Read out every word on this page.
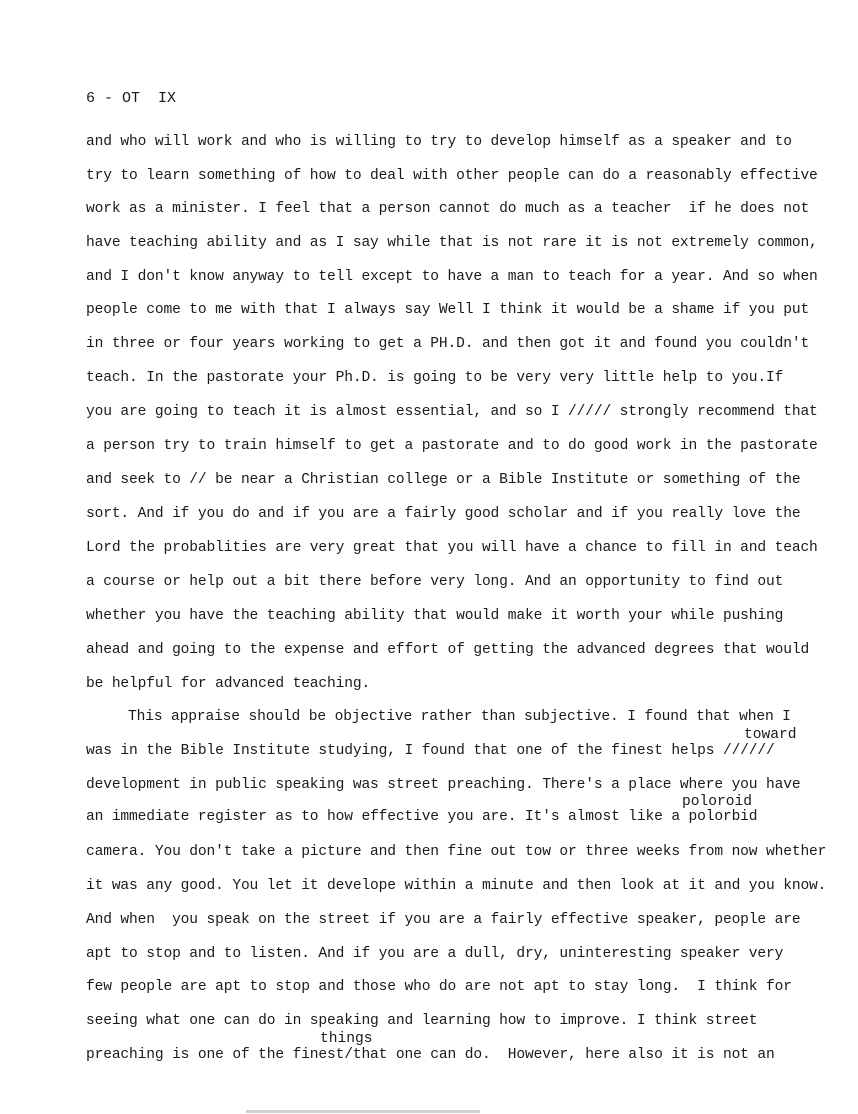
6 - OT  IX
and who will work and who is willing to try to develop himself as a speaker and to
try to learn something of how to deal with other people can do a reasonably effective
work as a minister. I feel that a person cannot do much as a teacher  if he does not
have teaching ability and as I say while that is not rare it is not extremely common,
and I don't know anyway to tell except to have a man to teach for a year. And so when
people come to me with that I always say Well I think it would be a shame if you put
in three or four years working to get a PH.D. and then got it and found you couldn't
teach. In the pastorate your Ph.D. is going to be very very little help to you.If
you are going to teach it is almost essential, and so I ///// strongly recommend that
a person try to train himself to get a pastorate and to do good work in the pastorate
and seek to // be near a Christian college or a Bible Institute or something of the
sort. And if you do and if you are a fairly good scholar and if you really love the
Lord the probablities are very great that you will have a chance to fill in and teach
a course or help out a bit there before very long. And an opportunity to find out
whether you have the teaching ability that would make it worth your while pushing
ahead and going to the expense and effort of getting the advanced degrees that would
be helpful for advanced teaching.
This appraise should be objective rather than subjective. I found that when I
toward
was in the Bible Institute studying, I found that one of the finest helps //////
development in public speaking was street preaching. There's a place where you have
poloroid
an immediate register as to how effective you are. It's almost like a polorbid
camera. You don't take a picture and then fine out tow or three weeks from now whether
it was any good. You let it develope within a minute and then look at it and you know.
And when  you speak on the street if you are a fairly effective speaker, people are
apt to stop and to listen. And if you are a dull, dry, uninteresting speaker very
few people are apt to stop and those who do are not apt to stay long.  I think for
seeing what one can do in speaking and learning how to improve. I think street
things
preaching is one of the finest/that one can do.  However, here also it is not an
